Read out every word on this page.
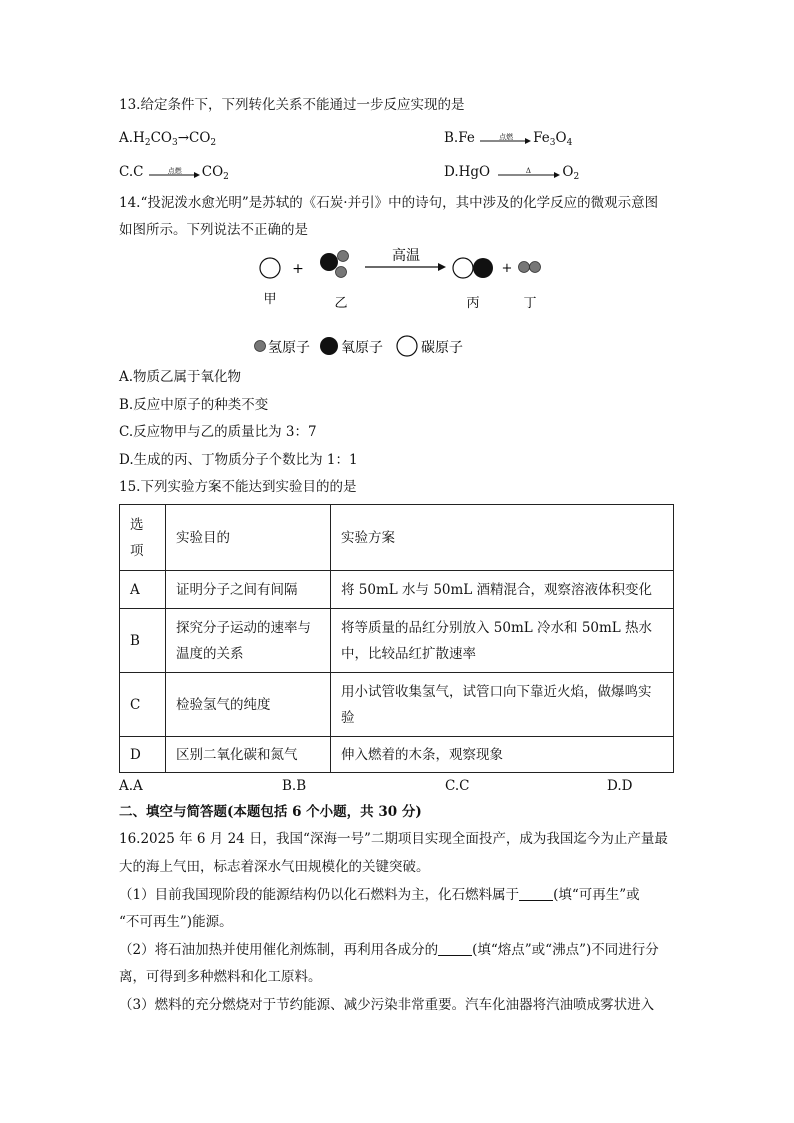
13.给定条件下，下列转化关系不能通过一步反应实现的是
$A.H_2CO_3\to CO_2$	B.Fe	点燃	$Fe_3O_4$
C.C	点燃	$CO_2$	D.HgO	Δ	$O_2$
14.“投泥泼水愈光明”是苏轼的《石炭·并引》中的诗句，其中涉及的化学反应的微观示意图
如图所示。下列说法不正确的是
+
高温
+
甲	乙	丙	丁
氢原子 氧原子	碳原子
A.物质乙属于氧化物
B.反应中原子的种类不变
C.反应物甲与乙的质量比为 3：7
D.生成的丙、丁物质分子个数比为 1：1
15.下列实验方案不能达到实验目的的是
选
项	实验目的	实验方案
A	证明分子之间有间隔	将 50mL 水与 50mL 酒精混合，观察溶液体积变化
B	探究分子运动的速率与温度的关系	将等质量的品红分别放入 50mL 冷水和 50mL 热水中，比较品红扩散速率
C	检验氢气的纯度	用小试管收集氢气，试管口向下靠近火焰，做爆鸣实验
D	区别二氧化碳和氮气	伸入燃着的木条，观察现象
A.A	B.B	C.C	D.D
二、填空与简答题(本题包括 6 个小题，共 30 分)
16.2025 年 6 月 24 日，我国“深海一号”二期项目实现全面投产，成为我国迄今为止产量最
大的海上气田，标志着深水气田规模化的关键突破。
（1）目前我国现阶段的能源结构仍以化石燃料为主，化石燃料属于	(填“可再生”或
“不可再生”)能源。
（2）将石油加热并使用催化剂炼制，再利用各成分的	(填“熔点”或“沸点”)不同进行分
离，可得到多种燃料和化工原料。
（3）燃料的充分燃烧对于节约能源、减少污染非常重要。汽车化油器将汽油喷成雾状进入
